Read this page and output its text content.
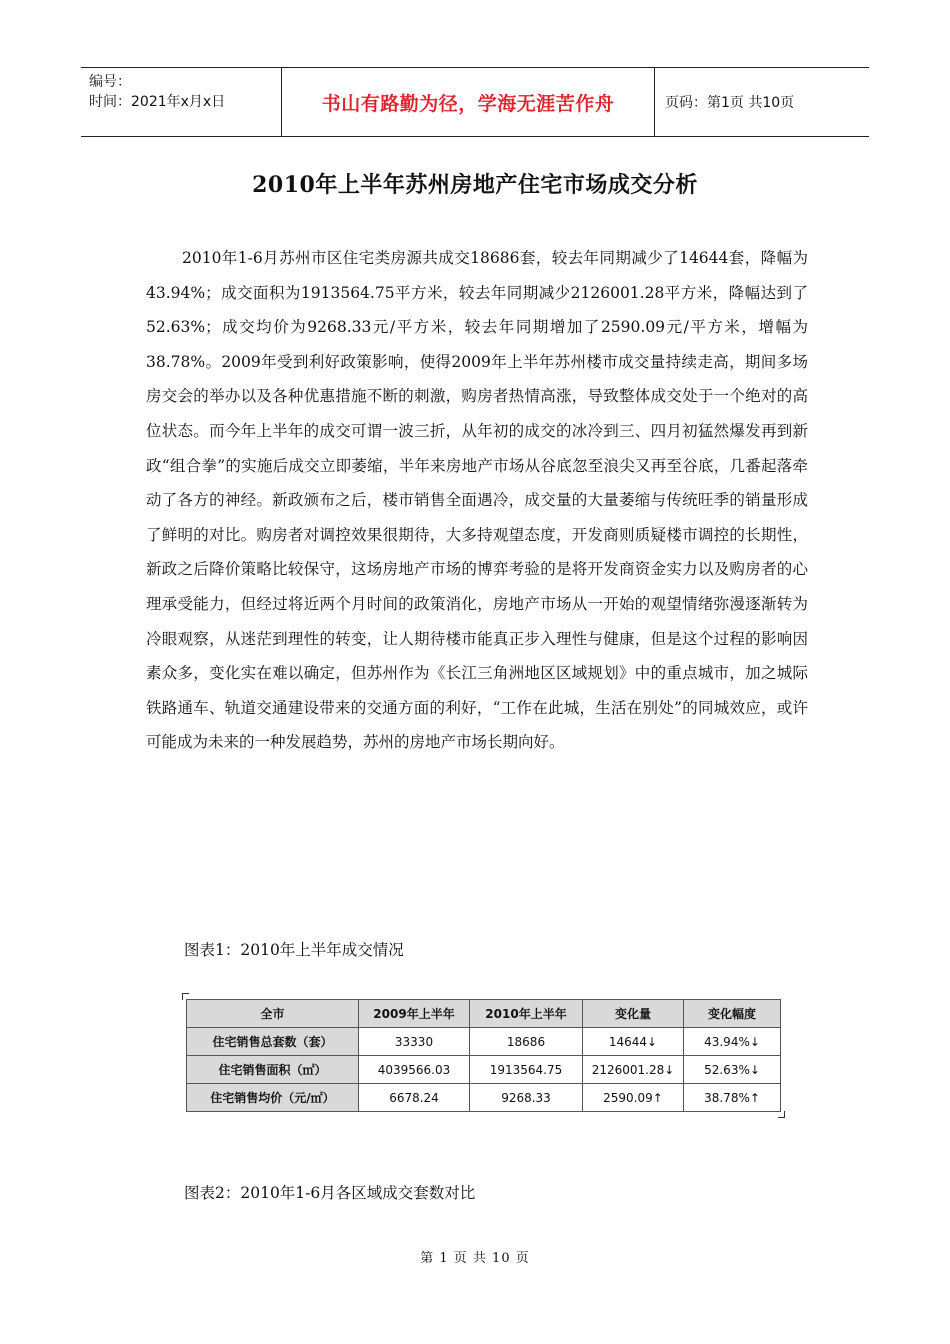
编号：
时间：2021年x月x日	书山有路勤为径，学海无涯苦作舟	页码：第1页 共10页
2010年上半年苏州房地产住宅市场成交分析

2010年1-6月苏州市区住宅类房源共成交18686套，较去年同期减少了14644套，降幅为43.94%；成交面积为1913564.75平方米，较去年同期减少2126001.28平方米，降幅达到了52.63%；成交均价为9268.33元/平方米，较去年同期增加了2590.09元/平方米，增幅为38.78%。2009年受到利好政策影响，使得2009年上半年苏州楼市成交量持续走高，期间多场房交会的举办以及各种优惠措施不断的刺激，购房者热情高涨，导致整体成交处于一个绝对的高位状态。而今年上半年的成交可谓一波三折，从年初的成交的冰冷到三、四月初猛然爆发再到新政“组合拳”的实施后成交立即萎缩，半年来房地产市场从谷底忽至浪尖又再至谷底，几番起落牵动了各方的神经。新政颁布之后，楼市销售全面遇冷，成交量的大量萎缩与传统旺季的销量形成了鲜明的对比。购房者对调控效果很期待，大多持观望态度，开发商则质疑楼市调控的长期性，新政之后降价策略比较保守，这场房地产市场的博弈考验的是将开发商资金实力以及购房者的心理承受能力，但经过将近两个月时间的政策消化，房地产市场从一开始的观望情绪弥漫逐渐转为冷眼观察，从迷茫到理性的转变，让人期待楼市能真正步入理性与健康，但是这个过程的影响因素众多，变化实在难以确定，但苏州作为《长江三角洲地区区域规划》中的重点城市，加之城际铁路通车、轨道交通建设带来的交通方面的利好，“工作在此城，生活在别处”的同城效应，或许可能成为未来的一种发展趋势，苏州的房地产市场长期向好。

图表1：2010年上半年成交情况
全市	2009年上半年	2010年上半年	变化量	变化幅度
住宅销售总套数（套）	33330	18686	14644↓	43.94%↓
住宅销售面积（㎡）	4039566.03	1913564.75	2126001.28↓	52.63%↓
住宅销售均价（元/㎡）	6678.24	9268.33	2590.09↑	38.78%↑
图表2：2010年1-6月各区域成交套数对比
第 1 页 共 10 页
